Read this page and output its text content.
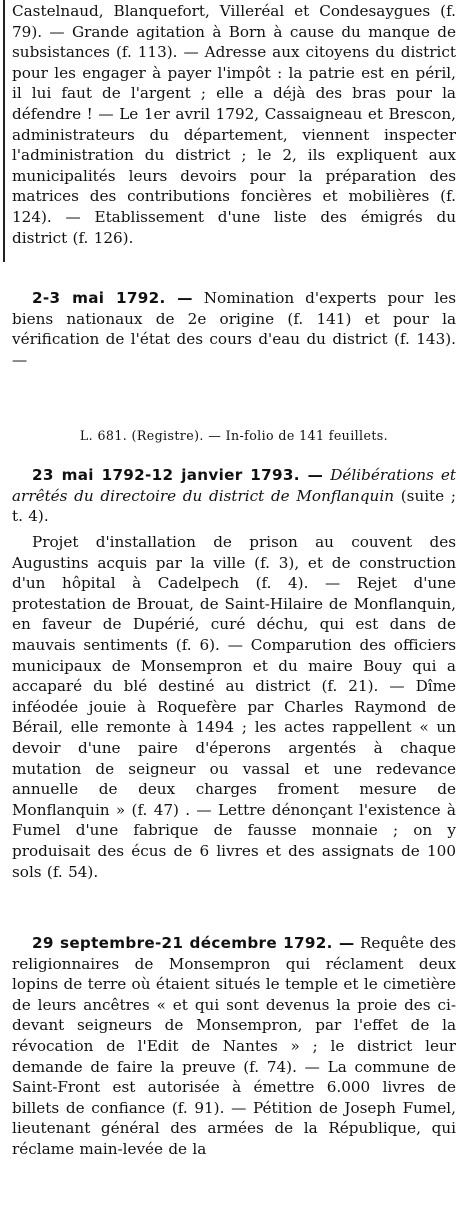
Castelnaud, Blanquefort, Villeréal et Condesaygues (f. 79). — Grande agitation à Born à cause du manque de subsistances (f. 113). — Adresse aux citoyens du district pour les engager à payer l'impôt : la patrie est en péril, il lui faut de l'argent ; elle a déjà des bras pour la défendre ! — Le 1er avril 1792, Cassaigneau et Brescon, administrateurs du département, viennent inspecter l'administration du district ; le 2, ils expliquent aux municipalités leurs devoirs pour la préparation des matrices des contributions foncières et mobilières (f. 124). — Etablissement d'une liste des émigrés du district (f. 126).

2-3 mai 1792. — Nomination d'experts pour les biens nationaux de 2e origine (f. 141) et pour la vérification de l'état des cours d'eau du district (f. 143). —

L. 681. (Registre). — In-folio de 141 feuillets.

23 mai 1792-12 janvier 1793. — Délibérations et arrêtés du directoire du district de Monflanquin (suite ; t. 4).

Projet d'installation de prison au couvent des Augustins acquis par la ville (f. 3), et de construction d'un hôpital à Cadelpech (f. 4). — Rejet d'une protestation de Brouat, de Saint-Hilaire de Monflanquin, en faveur de Dupérié, curé déchu, qui est dans de mauvais sentiments (f. 6). — Comparution des officiers municipaux de Monsempron et du maire Bouy qui a accaparé du blé destiné au district (f. 21). — Dîme inféodée jouie à Roquefère par Charles Raymond de Bérail, elle remonte à 1494 ; les actes rappellent « un devoir d'une paire d'éperons argentés à chaque mutation de seigneur ou vassal et une redevance annuelle de deux charges froment mesure de Monflanquin » (f. 47) . — Lettre dénonçant l'existence à Fumel d'une fabrique de fausse monnaie ; on y produisait des écus de 6 livres et des assignats de 100 sols (f. 54).

29 septembre-21 décembre 1792. — Requête des religionnaires de Monsempron qui réclament deux lopins de terre où étaient situés le temple et le cimetière de leurs ancêtres « et qui sont devenus la proie des ci-devant seigneurs de Monsempron, par l'effet de la révocation de l'Edit de Nantes » ; le district leur demande de faire la preuve (f. 74). — La commune de Saint-Front est autorisée à émettre 6.000 livres de billets de confiance (f. 91). — Pétition de Joseph Fumel, lieutenant général des armées de la République, qui réclame main-levée de la
